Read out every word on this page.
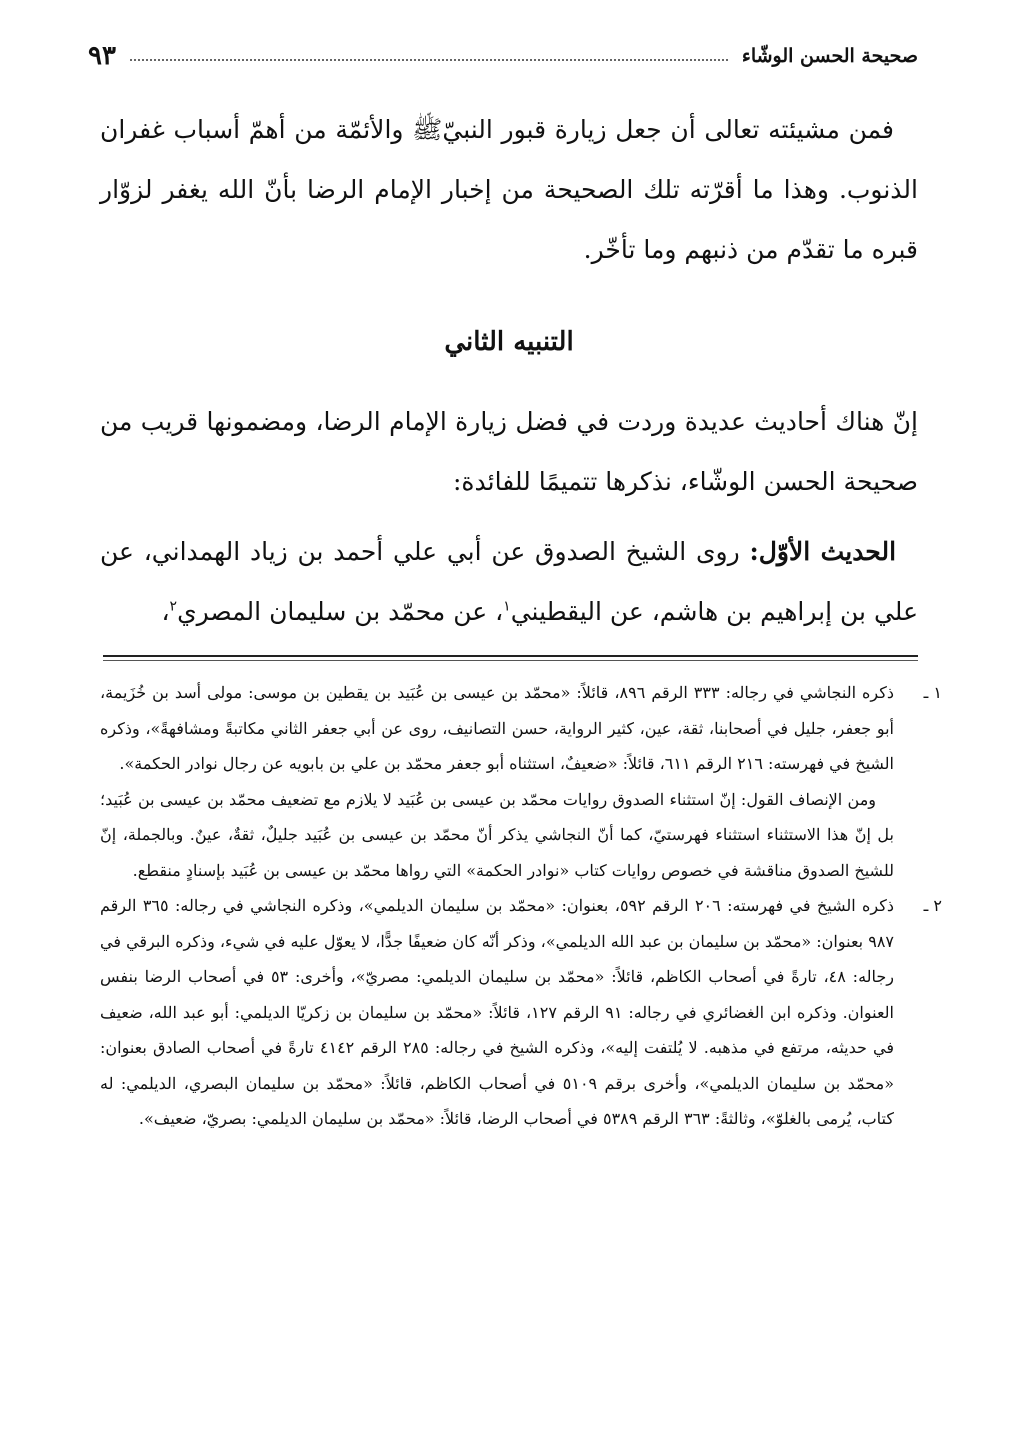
صحيحة الحسن الوشّاء
٩٣

فمن مشيئته تعالى أن جعل زيارة قبور النبيّﷺ والأئمّة من أهمّ أسباب غفران الذنوب. وهذا ما أقرّته تلك الصحيحة من إخبار الإمام الرضا بأنّ الله يغفر لزوّار قبره ما تقدّم من ذنبهم وما تأخّر.

التنبيه الثاني

إنّ هناك أحاديث عديدة وردت في فضل زيارة الإمام الرضا، ومضمونها قريب من صحيحة الحسن الوشّاء، نذكرها تتميمًا للفائدة:

الحديث الأوّل: روى الشيخ الصدوق عن أبي علي أحمد بن زياد الهمداني، عن علي بن إبراهيم بن هاشم، عن اليقطيني$^١$، عن محمّد بن سليمان المصري$^٢$،

١ ـذكره النجاشي في رجاله: ٣٣٣ الرقم ٨٩٦، قائلاً: «محمّد بن عيسى بن عُبَيد بن يقطين بن موسى: مولى أسد بن خُزَيمة، أبو جعفر، جليل في أصحابنا، ثقة، عين، كثير الرواية، حسن التصانيف، روى عن أبي جعفر الثاني مكاتبةً ومشافهةً»، وذكره الشيخ في فهرسته: ٢١٦ الرقم ٦١١، قائلاً: «ضعيفٌ، استثناه أبو جعفر محمّد بن علي بن بابويه عن رجال نوادر الحكمة».

ومن الإنصاف القول: إنّ استثناء الصدوق روايات محمّد بن عيسى بن عُبَيد لا يلازم مع تضعيف محمّد بن عيسى بن عُبَيد؛ بل إنّ هذا الاستثناء استثناء فهرستيّ، كما أنّ النجاشي يذكر أنّ محمّد بن عيسى بن عُبَيد جليلٌ، ثقةٌ، عينٌ. وبالجملة، إنّ للشيخ الصدوق مناقشة في خصوص روايات كتاب «نوادر الحكمة» التي رواها محمّد بن عيسى بن عُبَيد بإسنادٍ منقطع.

٢ ـذكره الشيخ في فهرسته: ٢٠٦ الرقم ٥٩٢، بعنوان: «محمّد بن سليمان الديلمي»، وذكره النجاشي في رجاله: ٣٦٥ الرقم ٩٨٧ بعنوان: «محمّد بن سليمان بن عبد الله الديلمي»، وذكر أنّه كان ضعيفًا جدًّا، لا يعوّل عليه في شيء، وذكره البرقي في رجاله: ٤٨، تارةً في أصحاب الكاظم، قائلاً: «محمّد بن سليمان الديلمي: مصريّ»، وأخرى: ٥٣ في أصحاب الرضا بنفس العنوان. وذكره ابن الغضائري في رجاله: ٩١ الرقم ١٢٧، قائلاً: «محمّد بن سليمان بن زكريّا الديلمي: أبو عبد الله، ضعيف في حديثه، مرتفع في مذهبه. لا يُلتفت إليه»، وذكره الشيخ في رجاله: ٢٨٥ الرقم ٤١٤٢ تارةً في أصحاب الصادق بعنوان: «محمّد بن سليمان الديلمي»، وأخرى برقم ٥١٠٩ في أصحاب الكاظم، قائلاً: «محمّد بن سليمان البصري، الديلمي: له كتاب، يُرمى بالغلوّ»، وثالثةً: ٣٦٣ الرقم ٥٣٨٩ في أصحاب الرضا، قائلاً: «محمّد بن سليمان الديلمي: بصريّ، ضعيف».
